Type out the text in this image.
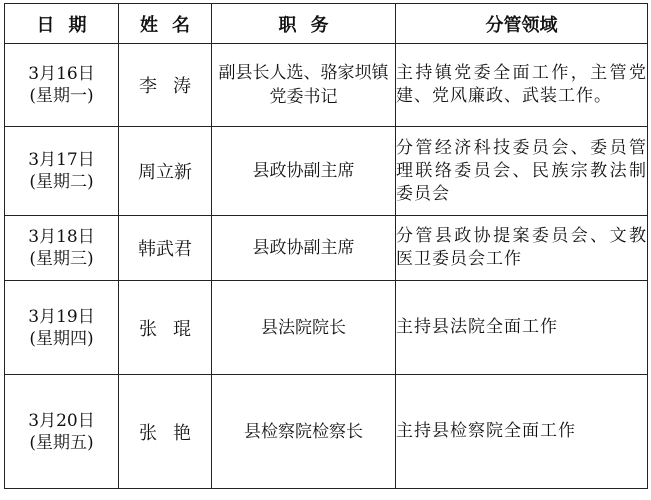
日期	姓名	职务	分管领域

3月16日
(星期一)	李涛	副县长人选、骆家坝镇党委书记	主持镇党委全面工作，主管党建、党风廉政、武装工作。

3月17日
(星期二)	周立新	县政协副主席	分管经济科技委员会、委员管理联络委员会、民族宗教法制委员会

3月18日
(星期三)	韩武君	县政协副主席	分管县政协提案委员会、文教医卫委员会工作

3月19日
(星期四)	张琨	县法院院长	主持县法院全面工作

3月20日
(星期五)	张艳	县检察院检察长	主持县检察院全面工作
